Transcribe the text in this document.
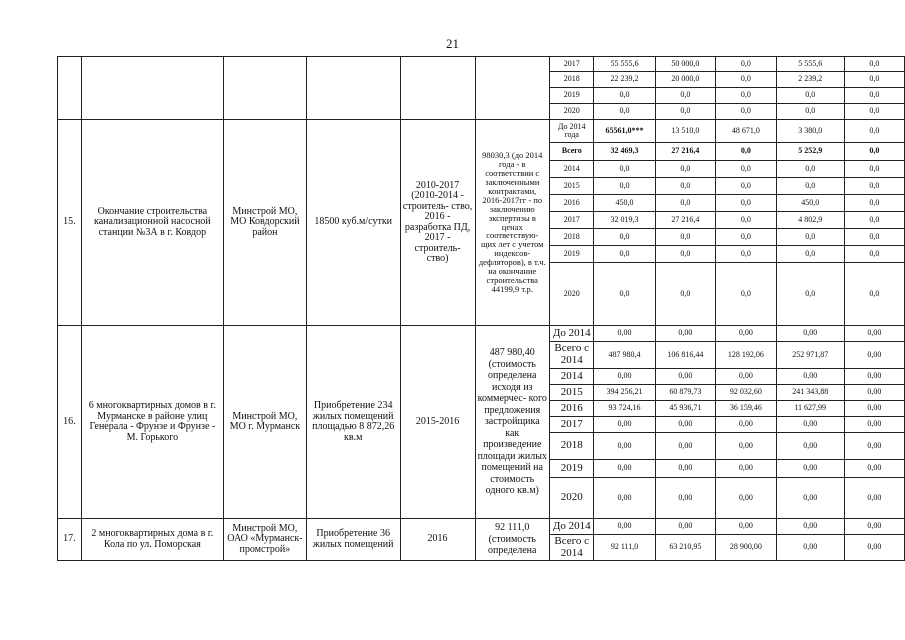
21
						2017	55 555,6	50 000,0	0,0	5 555,6	0,0
						2018	22 239,2	20 000,0	0,0	2 239,2	0,0
						2019	0,0	0,0	0,0	0,0	0,0
						2020	0,0	0,0	0,0	0,0	0,0
15.	Окончание строительства канализационной насосной станции №3А в г. Ковдор	Минстрой МО, МО Ковдорский район	18500 куб.м/сутки	2010-2017 (2010-2014 - строитель- ство, 2016 - разработка ПД, 2017 - строитель- ство)	98030,3 (до 2014 года - в соответствии с заключенными контрактами, 2016-2017гг - по заключению экспертизы в ценах соответствую- щих лет с учетом индексов- дефляторов), в т.ч. на окончание строительства 44199,9 т.р.	До 2014 года	65561,0***	13 510,0	48 671,0	3 380,0	0,0
						Всего	32 469,3	27 216,4	0,0	5 252,9	0,0
						2014	0,0	0,0	0,0	0,0	0,0
						2015	0,0	0,0	0,0	0,0	0,0
						2016	450,0	0,0	0,0	450,0	0,0
						2017	32 019,3	27 216,4	0,0	4 802,9	0,0
						2018	0,0	0,0	0,0	0,0	0,0
						2019	0,0	0,0	0,0	0,0	0,0
						2020	0,0	0,0	0,0	0,0	0,0
16.	6 многоквартирных домов в г. Мурманске в районе улиц Генерала - Фрунзе и Фрунзе - М. Горького	Минстрой МО, МО г. Мурманск	Приобретение 234 жилых помещений площадью 8 872,26 кв.м	2015-2016	487 980,40 (стоимость определена исходя из коммерчес- кого предложения застройщика как произведение площади жилых помещений на стоимость одного кв.м)	До 2014	0,00	0,00	0,00	0,00	0,00
						Всего с 2014	487 980,4	106 816,44	128 192,06	252 971,87	0,00
						2014	0,00	0,00	0,00	0,00	0,00
						2015	394 256,21	60 879,73	92 032,60	241 343,88	0,00
						2016	93 724,16	45 936,71	36 159,46	11 627,99	0,00
						2017	0,00	0,00	0,00	0,00	0,00
						2018	0,00	0,00	0,00	0,00	0,00
						2019	0,00	0,00	0,00	0,00	0,00
						2020	0,00	0,00	0,00	0,00	0,00
17.	2 многоквартирных дома в г. Кола по ул. Поморская	Минстрой МО, ОАО «Мурманск- промстрой»	Приобретение 36 жилых помещений	2016	92 111,0 (стоимость определена	До 2014	0,00	0,00	0,00	0,00	0,00
						Всего с 2014	92 111,0	63 210,95	28 900,00	0,00	0,00
